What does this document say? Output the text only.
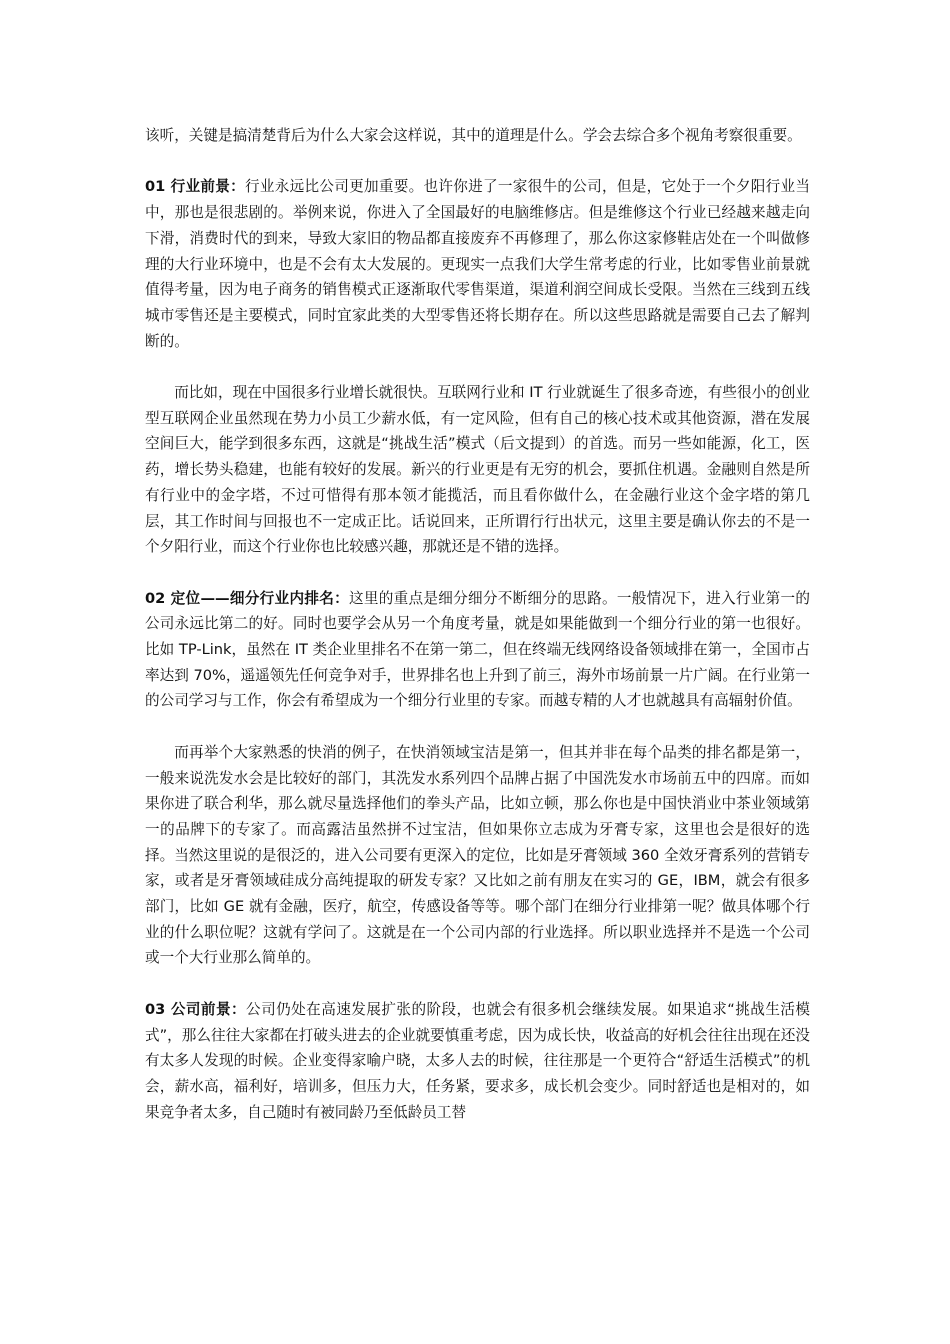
该听，关键是搞清楚背后为什么大家会这样说，其中的道理是什么。学会去综合多个视角考察很重要。

01 行业前景：行业永远比公司更加重要。也许你进了一家很牛的公司，但是，它处于一个夕阳行业当中，那也是很悲剧的。举例来说，你进入了全国最好的电脑维修店。但是维修这个行业已经越来越走向下滑，消费时代的到来，导致大家旧的物品都直接废弃不再修理了，那么你这家修鞋店处在一个叫做修理的大行业环境中，也是不会有太大发展的。更现实一点我们大学生常考虑的行业，比如零售业前景就值得考量，因为电子商务的销售模式正逐渐取代零售渠道，渠道利润空间成长受限。当然在三线到五线城市零售还是主要模式，同时宜家此类的大型零售还将长期存在。所以这些思路就是需要自己去了解判断的。

而比如，现在中国很多行业增长就很快。互联网行业和 IT 行业就诞生了很多奇迹，有些很小的创业型互联网企业虽然现在势力小员工少薪水低，有一定风险，但有自己的核心技术或其他资源，潜在发展空间巨大，能学到很多东西，这就是“挑战生活”模式（后文提到）的首选。而另一些如能源，化工，医药，增长势头稳建，也能有较好的发展。新兴的行业更是有无穷的机会，要抓住机遇。金融则自然是所有行业中的金字塔，不过可惜得有那本领才能揽活，而且看你做什么，在金融行业这个金字塔的第几层，其工作时间与回报也不一定成正比。话说回来，正所谓行行出状元，这里主要是确认你去的不是一个夕阳行业，而这个行业你也比较感兴趣，那就还是不错的选择。

02 定位——细分行业内排名：这里的重点是细分细分不断细分的思路。一般情况下，进入行业第一的公司永远比第二的好。同时也要学会从另一个角度考量，就是如果能做到一个细分行业的第一也很好。比如 TP-Link，虽然在 IT 类企业里排名不在第一第二，但在终端无线网络设备领域排在第一，全国市占率达到 70%，遥遥领先任何竞争对手，世界排名也上升到了前三，海外市场前景一片广阔。在行业第一的公司学习与工作，你会有希望成为一个细分行业里的专家。而越专精的人才也就越具有高辐射价值。

而再举个大家熟悉的快消的例子，在快消领域宝洁是第一，但其并非在每个品类的排名都是第一，一般来说洗发水会是比较好的部门，其洗发水系列四个品牌占据了中国洗发水市场前五中的四席。而如果你进了联合利华，那么就尽量选择他们的拳头产品，比如立顿，那么你也是中国快消业中茶业领域第一的品牌下的专家了。而高露洁虽然拼不过宝洁，但如果你立志成为牙膏专家，这里也会是很好的选择。当然这里说的是很泛的，进入公司要有更深入的定位，比如是牙膏领域 360 全效牙膏系列的营销专家，或者是牙膏领域硅成分高纯提取的研发专家？又比如之前有朋友在实习的 GE，IBM，就会有很多部门，比如 GE 就有金融，医疗，航空，传感设备等等。哪个部门在细分行业排第一呢？做具体哪个行业的什么职位呢？这就有学问了。这就是在一个公司内部的行业选择。所以职业选择并不是选一个公司或一个大行业那么简单的。

03 公司前景：公司仍处在高速发展扩张的阶段，也就会有很多机会继续发展。如果追求“挑战生活模式”，那么往往大家都在打破头进去的企业就要慎重考虑，因为成长快，收益高的好机会往往出现在还没有太多人发现的时候。企业变得家喻户晓，太多人去的时候，往往那是一个更符合“舒适生活模式”的机会，薪水高，福利好，培训多，但压力大，任务紧，要求多，成长机会变少。同时舒适也是相对的，如果竞争者太多，自己随时有被同龄乃至低龄员工替
